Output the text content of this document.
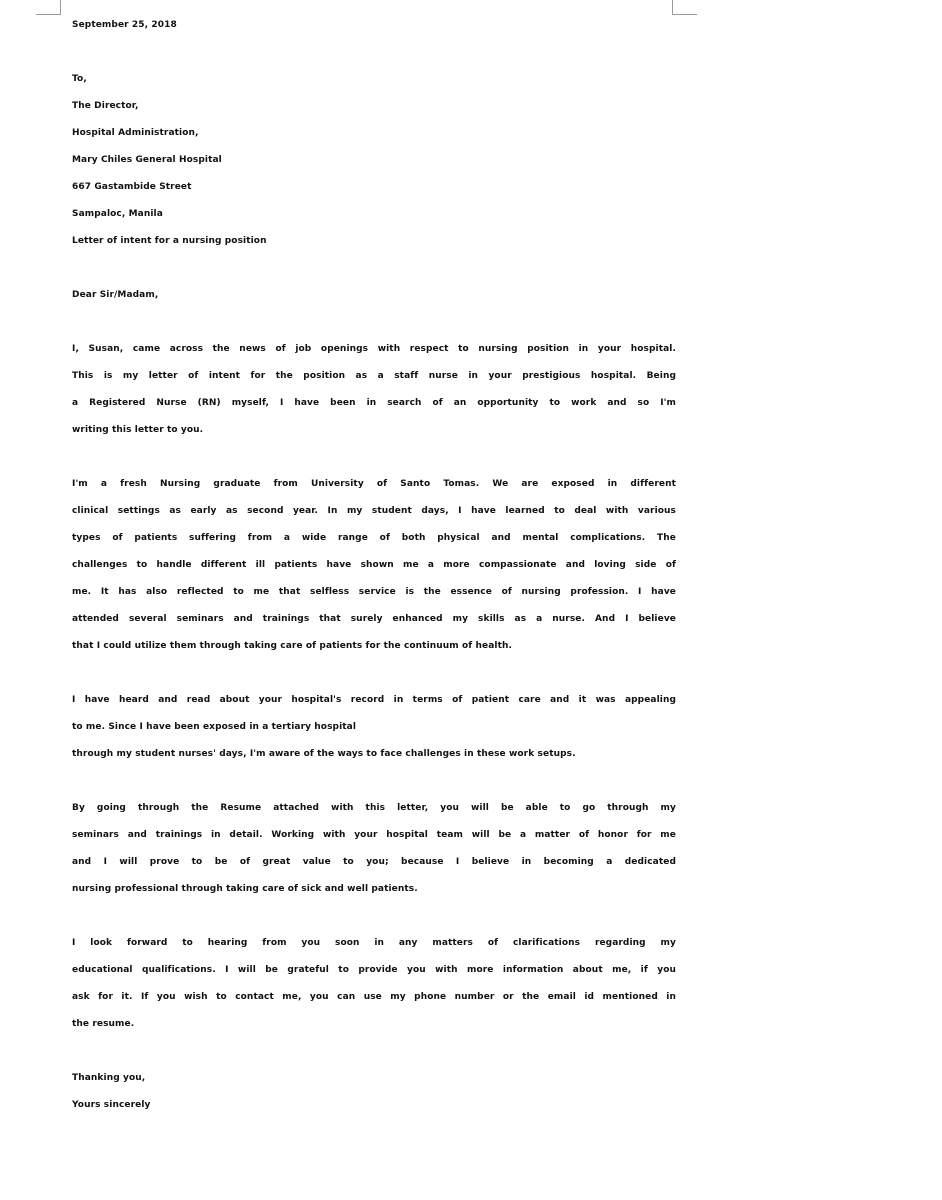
September 25, 2018
To,
The Director,
Hospital Administration,
Mary Chiles General Hospital
667 Gastambide Street
Sampaloc, Manila
Letter of intent for a nursing position
Dear Sir/Madam,
I, Susan, came across the news of job openings with respect to nursing position in your hospital.
This is my letter of intent for the position as a staff nurse in your prestigious hospital. Being
a Registered Nurse (RN) myself, I have been in search of an opportunity to work and so I'm
writing this letter to you.
I'm a fresh Nursing graduate from University of Santo Tomas. We are exposed in different
clinical settings as early as second year. In my student days, I have learned to deal with various
types of patients suffering from a wide range of both physical and mental complications. The
challenges to handle different ill patients have shown me a more compassionate and loving side of
me. It has also reflected to me that selfless service is the essence of nursing profession. I have
attended several seminars and trainings that surely enhanced my skills as a nurse. And I believe
that I could utilize them through taking care of patients for the continuum of health.
I have heard and read about your hospital's record in terms of patient care and it was appealing
to me. Since I have been exposed in a tertiary hospital
through my student nurses' days, I'm aware of the ways to face challenges in these work setups.
By going through the Resume attached with this letter, you will be able to go through my
seminars and trainings in detail. Working with your hospital team will be a matter of honor for me
and I will prove to be of great value to you; because I believe in becoming a dedicated
nursing professional through taking care of sick and well patients.
I look forward to hearing from you soon in any matters of clarifications regarding my
educational qualifications. I will be grateful to provide you with more information about me, if you
ask for it. If you wish to contact me, you can use my phone number or the email id mentioned in
the resume.
Thanking you,
Yours sincerely
